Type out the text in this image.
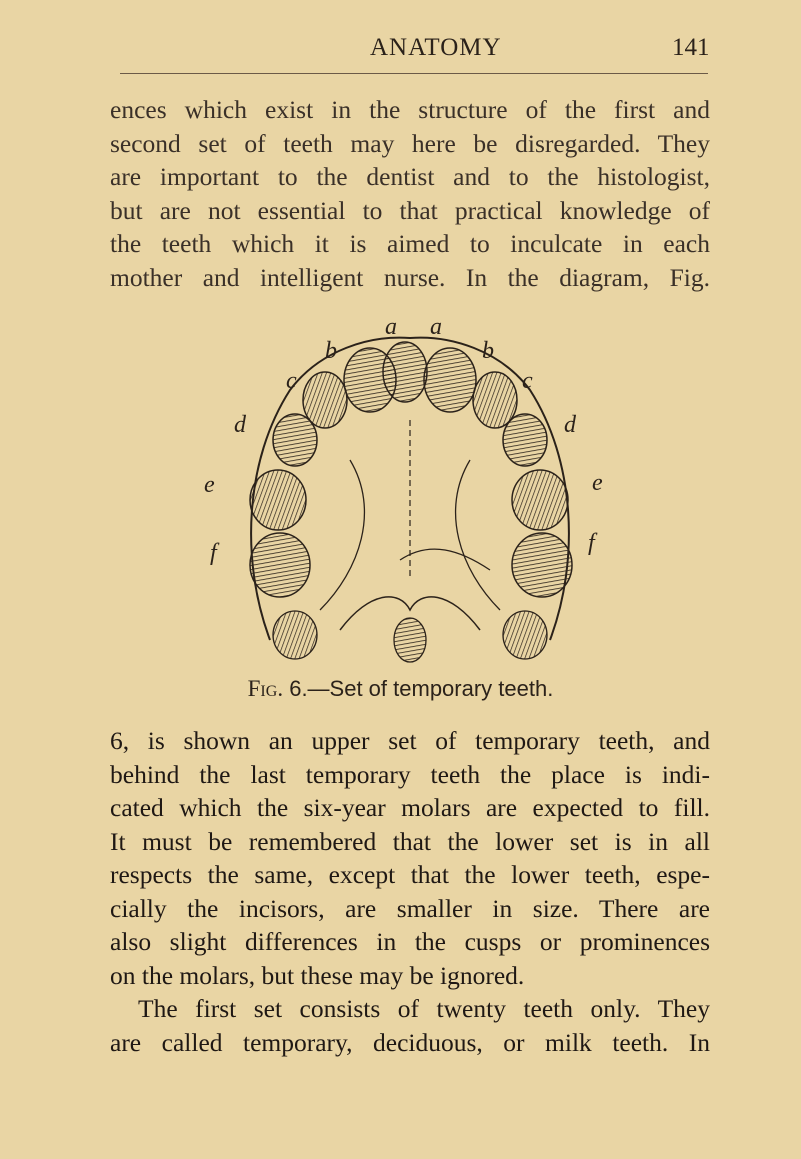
ANATOMY	141
ences which exist in the structure of the first and
second set of teeth may here be disregarded. They
are important to the dentist and to the histologist,
but are not essential to that practical knowledge of
the teeth which it is aimed to inculcate in each
mother and intelligent nurse. In the diagram, Fig.
a a
b	b
c	c
d	d
e	e
f	f
Fig. 6.—Set of temporary teeth.
6, is shown an upper set of temporary teeth, and
behind the last temporary teeth the place is indi-
cated which the six-year molars are expected to fill.
It must be remembered that the lower set is in all
respects the same, except that the lower teeth, espe-
cially the incisors, are smaller in size. There are
also slight differences in the cusps or prominences
on the molars, but these may be ignored.
The first set consists of twenty teeth only. They
are called temporary, deciduous, or milk teeth. In
